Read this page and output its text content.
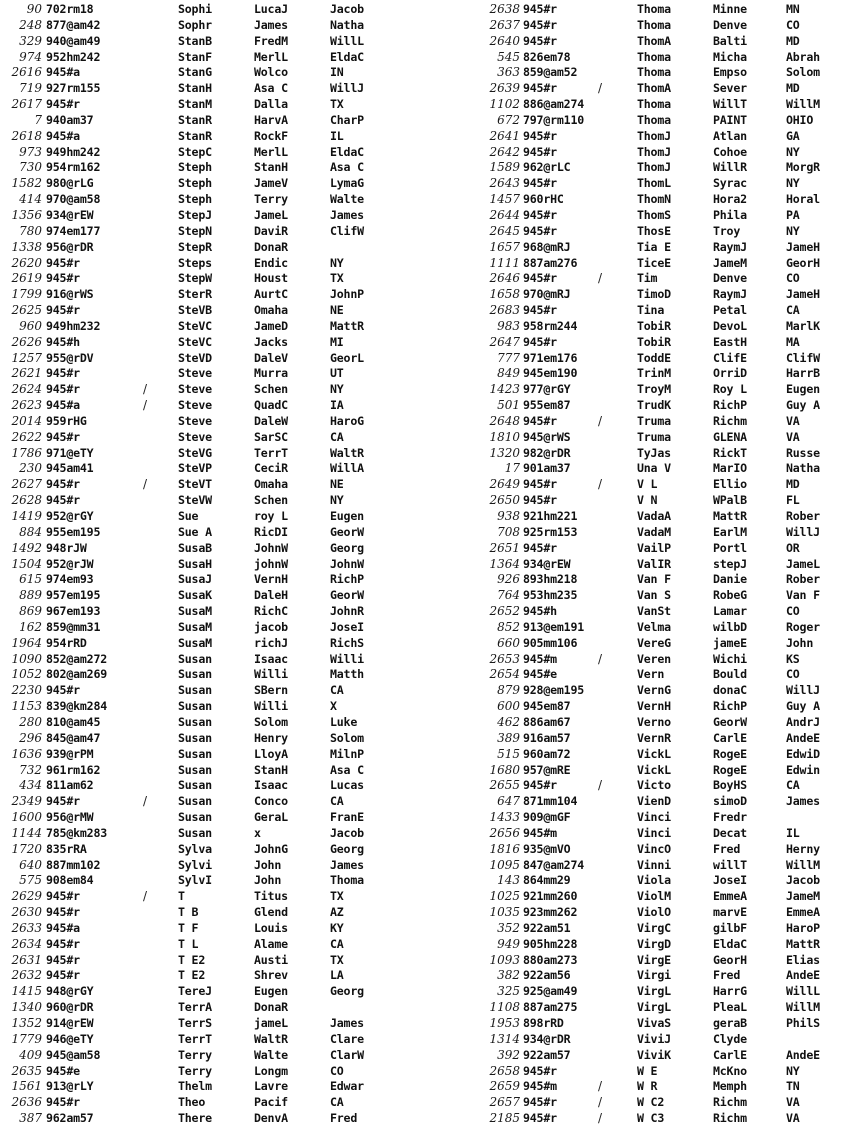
90 702rm18	Sophi	LucaJ	Jacob
248 877@am42	Sophr	James	Natha
329 940@am49	StanB	FredM	WillL
974 952hm242	StanF	MerlL	EldaC
2616 945#a	StanG	Wolco	IN
719 927rm155	StanH	Asa C	WillJ
2617 945#r	StanM	Dalla	TX
7 940am37	StanR	HarvA	CharP
2618 945#a	StanR	RockF	IL
973 949hm242	StepC	MerlL	EldaC
730 954rm162	Steph	StanH	Asa C
1582 980@rLG	Steph	JameV	LymaG
414 970@am58	Steph	Terry	Walte
1356 934@rEW	StepJ	JameL	James
780 974em177	StepN	DaviR	ClifW
1338 956@rDR	StepR	DonaR
2620 945#r	Steps	Endic	NY
2619 945#r	StepW	Houst	TX
1799 916@rWS	SterR	AurtC	JohnP
2625 945#r	SteVB	Omaha	NE
960 949hm232	SteVC	JameD	MattR
2626 945#h	SteVC	Jacks	MI
1257 955@rDV	SteVD	DaleV	GeorL
2621 945#r	Steve	Murra	UT
2624 945#r	/	Steve	Schen	NY
2623 945#a	/	Steve	QuadC	IA
2014 959rHG	Steve	DaleW	HaroG
2622 945#r	Steve	SarSC	CA
1786 971@eTY	SteVG	TerrT	WaltR
230 945am41	SteVP	CeciR	WillA
2627 945#r	/	SteVT	Omaha	NE
2628 945#r	SteVW	Schen	NY
1419 952@rGY	Sue	roy L	Eugen
884 955em195	Sue A	RicDI	GeorW
1492 948rJW	SusaB	JohnW	Georg
1504 952@rJW	SusaH	johnW	JohnW
615 974em93	SusaJ	VernH	RichP
889 957em195	SusaK	DaleH	GeorW
869 967em193	SusaM	RichC	JohnR
162 859@mm31	SusaM	jacob	JoseI
1964 954rRD	SusaM	richJ	RichS
1090 852@am272	Susan	Isaac	Willi
1052 802@am269	Susan	Willi	Matth
2230 945#r	Susan	SBern	CA
1153 839@km284	Susan	Willi	X
280 810@am45	Susan	Solom	Luke
296 845@am47	Susan	Henry	Solom
1636 939@rPM	Susan	LloyA	MilnP
732 961rm162	Susan	StanH	Asa C
434 811am62	Susan	Isaac	Lucas
2349 945#r	/	Susan	Conco	CA
1600 956@rMW	Susan	GeraL	FranE
1144 785@km283	Susan	x	Jacob
1720 835rRA	Sylva	JohnG	Georg
640 887mm102	Sylvi	John	James
575 908em84	SylvI	John	Thoma
2629 945#r	/	T	Titus	TX
2630 945#r	T B	Glend	AZ
2633 945#a	T F	Louis	KY
2634 945#r	T L	Alame	CA
2631 945#r	T E2	Austi	TX
2632 945#r	T E2	Shrev	LA
1415 948@rGY	TereJ	Eugen	Georg
1340 960@rDR	TerrA	DonaR
1352 914@rEW	TerrS	jameL	James
1779 946@eTY	TerrT	WaltR	Clare
409 945@am58	Terry	Walte	ClarW
2635 945#e	Terry	Longm	CO
1561 913@rLY	Thelm	Lavre	Edwar
2636 945#r	Theo	Pacif	CA
387 962am57	There	DenvA	Fred
2638 945#r	Thoma	Minne	MN
2637 945#r	Thoma	Denve	CO
2640 945#r	ThomA	Balti	MD
545 826em78	Thoma	Micha	Abrah
363 859@am52	Thoma	Empso	Solom
2639 945#r	/	ThomA	Sever	MD
1102 886@am274	Thoma	WillT	WillM
672 797@rm110	Thoma	PAINT	OHIO
2641 945#r	ThomJ	Atlan	GA
2642 945#r	ThomJ	Cohoe	NY
1589 962@rLC	ThomJ	WillR	MorgR
2643 945#r	ThomL	Syrac	NY
1457 960rHC	ThomN	Hora2	Horal
2644 945#r	ThomS	Phila	PA
2645 945#r	ThosE	Troy	NY
1657 968@mRJ	Tia E	RaymJ	JameH
1111 887am276	TiceE	JameM	GeorH
2646 945#r	/	Tim	Denve	CO
1658 970@mRJ	TimoD	RaymJ	JameH
2683 945#r	Tina	Petal	CA
983 958rm244	TobiR	DevoL	MarlK
2647 945#r	TobiR	EastH	MA
777 971em176	ToddE	ClifE	ClifW
849 945em190	TrinM	OrriD	HarrB
1423 977@rGY	TroyM	Roy L	Eugen
501 955em87	TrudK	RichP	Guy A
2648 945#r	/	Truma	Richm	VA
1810 945@rWS	Truma	GLENA	VA
1320 982@rDR	TyJas	RickT	Russe
17 901am37	Una V	MarIO	Natha
2649 945#r	/	V L	Ellio	MD
2650 945#r	V N	WPalB	FL
938 921hm221	VadaA	MattR	Rober
708 925rm153	VadaM	EarlM	WillJ
2651 945#r	VailP	Portl	OR
1364 934@rEW	ValIR	stepJ	JameL
926 893hm218	Van F	Danie	Rober
764 953hm235	Van S	RobeG	Van F
2652 945#h	VanSt	Lamar	CO
852 913@em191	Velma	wilbD	Roger
660 905mm106	VereG	jameE	John
2653 945#m	/	Veren	Wichi	KS
2654 945#e	Vern	Bould	CO
879 928@em195	VernG	donaC	WillJ
600 945em87	VernH	RichP	Guy A
462 886am67	Verno	GeorW	AndrJ
389 916am57	VernR	CarlE	AndeE
515 960am72	VickL	RogeE	EdwiD
1680 957@mRE	VickL	RogeE	Edwin
2655 945#r	/	Victo	BoyHS	CA
647 871mm104	VienD	simoD	James
1433 909@mGF	Vinci	Fredr
2656 945#m	Vinci	Decat	IL
1816 935@mVO	VincO	Fred	Herny
1095 847@am274	Vinni	willT	WillM
143 864mm29	Viola	JoseI	Jacob
1025 921mm260	ViolM	EmmeA	JameM
1035 923mm262	ViolO	marvE	EmmeA
352 922am51	VirgC	gilbF	HaroP
949 905hm228	VirgD	EldaC	MattR
1093 880am273	VirgE	GeorH	Elias
382 922am56	Virgi	Fred	AndeE
325 925@am49	VirgL	HarrG	WillL
1108 887am275	VirgL	PleaL	WillM
1953 898rRD	VivaS	geraB	PhilS
1314 934@rDR	ViviJ	Clyde
392 922am57	ViviK	CarlE	AndeE
2658 945#r	W E	McKno	NY
2659 945#m	/	W R	Memph	TN
2657 945#r	/	W C2	Richm	VA
2185 945#r	/	W C3	Richm	VA
